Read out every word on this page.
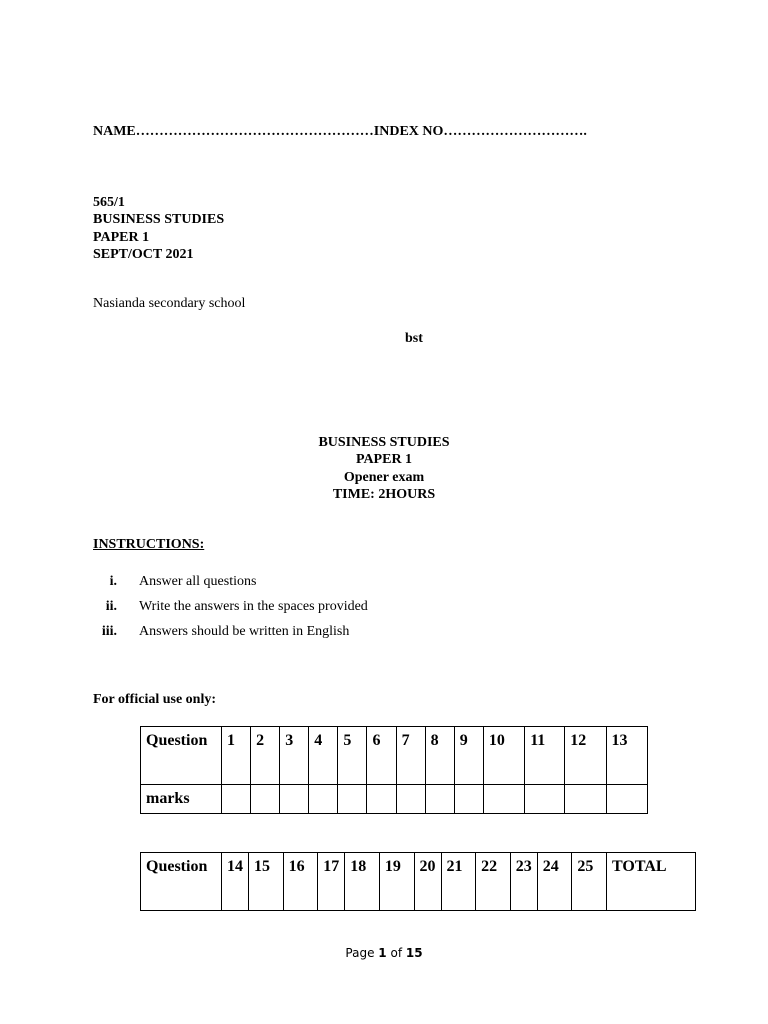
NAME……………………………………………INDEX NO………………………….
565/1
BUSINESS STUDIES
PAPER 1
SEPT/OCT 2021
Nasianda secondary school
bst
BUSINESS STUDIES
PAPER 1
Opener exam
TIME: 2HOURS
INSTRUCTIONS:
i. Answer all questions
ii. Write the answers in the spaces provided
iii. Answers should be written in English
For official use only:
Question	1	2	3	4	5	6	7	8	9	10	11	12	13
marks													
Question	14	15	16	17	18	19	20	21	22	23	24	25	TOTAL
Page 1 of 15
